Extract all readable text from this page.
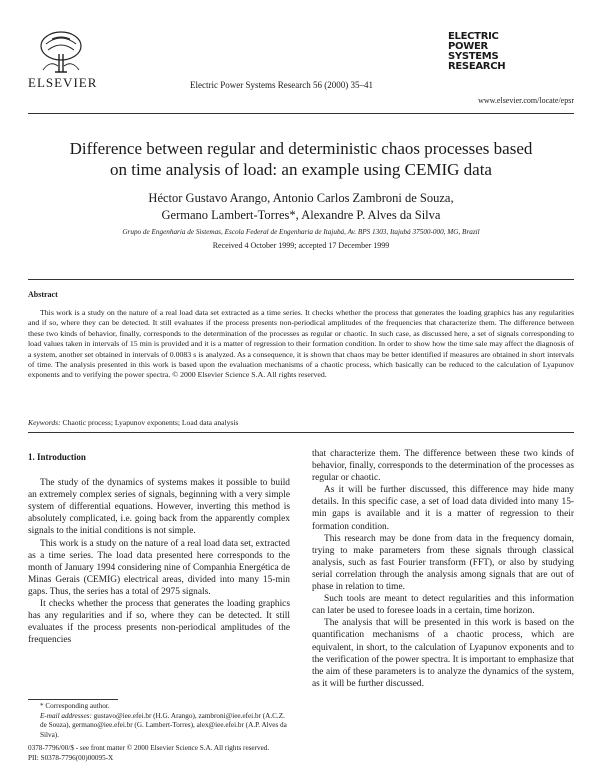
ELSEVIER	Electric Power Systems Research 56 (2000) 35–41
ELECTRIC
POWER
SYSTEMS
RESEARCH
www.elsevier.com/locate/epsr
Difference between regular and deterministic chaos processes based
on time analysis of load: an example using CEMIG data
Héctor Gustavo Arango, Antonio Carlos Zambroni de Souza,
Germano Lambert-Torres*, Alexandre P. Alves da Silva
Grupo de Engenharia de Sistemas, Escola Federal de Engenharia de Itajubá, Av. BPS 1303, Itajubá 37500-000, MG, Brazil
Received 4 October 1999; accepted 17 December 1999
Abstract

This work is a study on the nature of a real load data set extracted as a time series. It checks whether the process that generates the loading graphics has any regularities and if so, where they can be detected. It still evaluates if the process presents non-periodical amplitudes of the frequencies that characterize them. The difference between these two kinds of behavior, finally, corresponds to the determination of the processes as regular or chaotic. In such case, as discussed here, a set of signals corresponding to load values taken in intervals of 15 min is provided and it is a matter of regression to their formation condition. In order to show how the time sale may affect the diagnosis of a system, another set obtained in intervals of 0.0083 s is analyzed. As a consequence, it is shown that chaos may be better identified if measures are obtained in short intervals of time. The analysis presented in this work is based upon the evaluation mechanisms of a chaotic process, which basically can be reduced to the calculation of Lyapunov exponents and to verifying the power spectra. © 2000 Elsevier Science S.A. All rights reserved.

Keywords: Chaotic process; Lyapunov exponents; Load data analysis
1. Introduction

The study of the dynamics of systems makes it possible to build an extremely complex series of signals, beginning with a very simple system of differential equations. However, inverting this method is absolutely complicated, i.e. going back from the apparently complex signals to the initial conditions is not simple.

This work is a study on the nature of a real load data set, extracted as a time series. The load data presented here corresponds to the month of January 1994 considering nine of Companhia Energética de Minas Gerais (CEMIG) electrical areas, divided into many 15-min gaps. Thus, the series has a total of 2975 signals.

It checks whether the process that generates the loading graphics has any regularities and if so, where they can be detected. It still evaluates if the process presents non-periodical amplitudes of the frequencies

that characterize them. The difference between these two kinds of behavior, finally, corresponds to the determination of the processes as regular or chaotic.

As it will be further discussed, this difference may hide many details. In this specific case, a set of load data divided into many 15-min gaps is available and it is a matter of regression to their formation condition.

This research may be done from data in the frequency domain, trying to make parameters from these signals through classical analysis, such as fast Fourier transform (FFT), or also by studying serial correlation through the analysis among signals that are out of phase in relation to time.

Such tools are meant to detect regularities and this information can later be used to foresee loads in a certain, time horizon.

The analysis that will be presented in this work is based on the quantification mechanisms of a chaotic process, which are equivalent, in short, to the calculation of Lyapunov exponents and to the verification of the power spectra. It is important to emphasize that the aim of these parameters is to analyze the dynamics of the system, as it will be further discussed.

* Corresponding author.
E-mail addresses: gustavo@iee.efei.br (H.G. Arango), zambroni@iee.efei.br (A.C.Z. de Souza), germano@iee.efei.br (G. Lambert-Torres), alex@iee.efei.br (A.P. Alves da Silva).
0378-7796/00/$ - see front matter © 2000 Elsevier Science S.A. All rights reserved.
PII: S0378-7796(00)00095-X
